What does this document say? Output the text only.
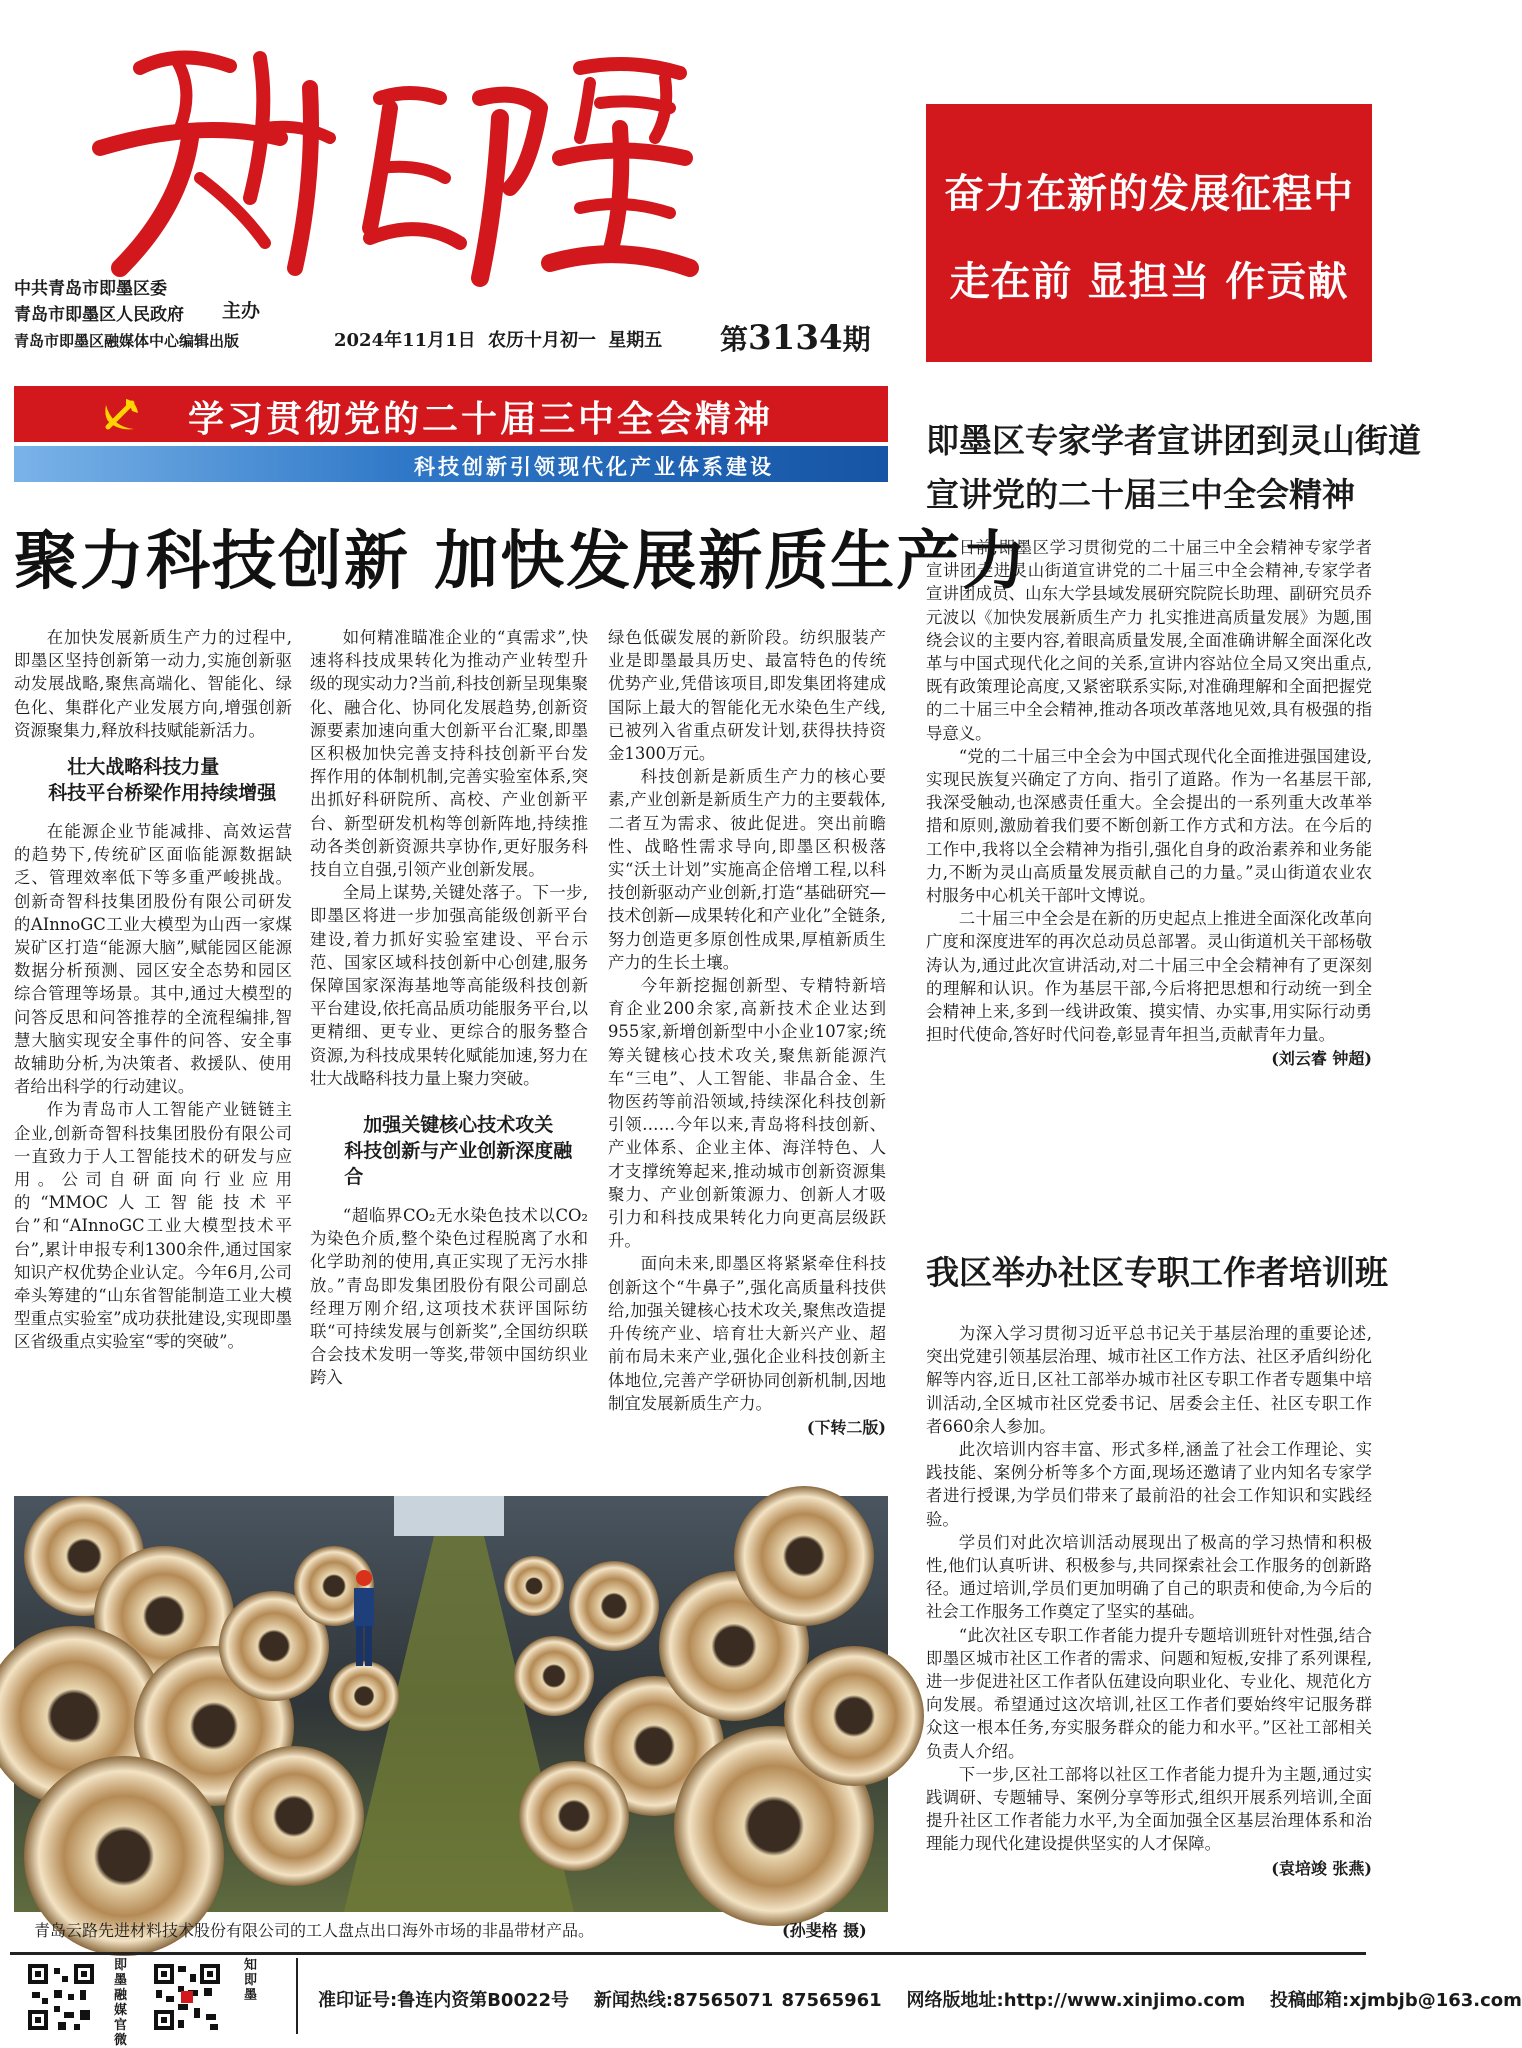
中共青岛市即墨区委
青岛市即墨区人民政府 主办
青岛市即墨区融媒体中心编辑出版	2024年11月1日 农历十月初一 星期五 第3134期
奋力在新的发展征程中
走在前 显担当 作贡献
学习贯彻党的二十届三中全会精神
科技创新引领现代化产业体系建设
聚力科技创新 加快发展新质生产力

在加快发展新质生产力的过程中,即墨区坚持创新第一动力,实施创新驱动发展战略,聚焦高端化、智能化、绿色化、集群化产业发展方向,增强创新资源聚集力,释放科技赋能新活力。

壮大战略科技力量
科技平台桥梁作用持续增强

在能源企业节能减排、高效运营的趋势下,传统矿区面临能源数据缺乏、管理效率低下等多重严峻挑战。创新奇智科技集团股份有限公司研发的AInnoGC工业大模型为山西一家煤炭矿区打造“能源大脑”,赋能园区能源数据分析预测、园区安全态势和园区综合管理等场景。其中,通过大模型的问答反思和问答推荐的全流程编排,智慧大脑实现安全事件的问答、安全事故辅助分析,为决策者、救援队、使用者给出科学的行动建议。

作为青岛市人工智能产业链链主企业,创新奇智科技集团股份有限公司一直致力于人工智能技术的研发与应用。公司自研面向行业应用的“MMOC人工智能技术平台”和“AInnoGC工业大模型技术平台”,累计申报专利1300余件,通过国家知识产权优势企业认定。今年6月,公司牵头筹建的“山东省智能制造工业大模型重点实验室”成功获批建设,实现即墨区省级重点实验室“零的突破”。

如何精准瞄准企业的“真需求”,快速将科技成果转化为推动产业转型升级的现实动力?当前,科技创新呈现集聚化、融合化、协同化发展趋势,创新资源要素加速向重大创新平台汇聚,即墨区积极加快完善支持科技创新平台发挥作用的体制机制,完善实验室体系,突出抓好科研院所、高校、产业创新平台、新型研发机构等创新阵地,持续推动各类创新资源共享协作,更好服务科技自立自强,引领产业创新发展。

全局上谋势,关键处落子。下一步,即墨区将进一步加强高能级创新平台建设,着力抓好实验室建设、平台示范、国家区域科技创新中心创建,服务保障国家深海基地等高能级科技创新平台建设,依托高品质功能服务平台,以更精细、更专业、更综合的服务整合资源,为科技成果转化赋能加速,努力在壮大战略科技力量上聚力突破。

加强关键核心技术攻关
科技创新与产业创新深度融合

“超临界CO₂无水染色技术以CO₂为染色介质,整个染色过程脱离了水和化学助剂的使用,真正实现了无污水排放。”青岛即发集团股份有限公司副总经理万刚介绍,这项技术获评国际纺联“可持续发展与创新奖”,全国纺织联合会技术发明一等奖,带领中国纺织业跨入

绿色低碳发展的新阶段。纺织服装产业是即墨最具历史、最富特色的传统优势产业,凭借该项目,即发集团将建成国际上最大的智能化无水染色生产线,已被列入省重点研发计划,获得扶持资金1300万元。

科技创新是新质生产力的核心要素,产业创新是新质生产力的主要载体,二者互为需求、彼此促进。突出前瞻性、战略性需求导向,即墨区积极落实“沃土计划”实施高企倍增工程,以科技创新驱动产业创新,打造“基础研究—技术创新—成果转化和产业化”全链条,努力创造更多原创性成果,厚植新质生产力的生长土壤。

今年新挖掘创新型、专精特新培育企业200余家,高新技术企业达到955家,新增创新型中小企业107家;统筹关键核心技术攻关,聚焦新能源汽车“三电”、人工智能、非晶合金、生物医药等前沿领域,持续深化科技创新引领……今年以来,青岛将科技创新、产业体系、企业主体、海洋特色、人才支撑统筹起来,推动城市创新资源集聚力、产业创新策源力、创新人才吸引力和科技成果转化力向更高层级跃升。

面向未来,即墨区将紧紧牵住科技创新这个“牛鼻子”,强化高质量科技供给,加强关键核心技术攻关,聚焦改造提升传统产业、培育壮大新兴产业、超前布局未来产业,强化企业科技创新主体地位,完善产学研协同创新机制,因地制宜发展新质生产力。

(下转二版)
青岛云路先进材料技术股份有限公司的工人盘点出口海外市场的非晶带材产品。	(孙斐格 摄)
即墨区专家学者宣讲团到灵山街道
宣讲党的二十届三中全会精神

日前,即墨区学习贯彻党的二十届三中全会精神专家学者宣讲团走进灵山街道宣讲党的二十届三中全会精神,专家学者宣讲团成员、山东大学县域发展研究院院长助理、副研究员乔元波以《加快发展新质生产力 扎实推进高质量发展》为题,围绕会议的主要内容,着眼高质量发展,全面准确讲解全面深化改革与中国式现代化之间的关系,宣讲内容站位全局又突出重点,既有政策理论高度,又紧密联系实际,对准确理解和全面把握党的二十届三中全会精神,推动各项改革落地见效,具有极强的指导意义。

“党的二十届三中全会为中国式现代化全面推进强国建设,实现民族复兴确定了方向、指引了道路。作为一名基层干部,我深受触动,也深感责任重大。全会提出的一系列重大改革举措和原则,激励着我们要不断创新工作方式和方法。在今后的工作中,我将以全会精神为指引,强化自身的政治素养和业务能力,不断为灵山高质量发展贡献自己的力量。”灵山街道农业农村服务中心机关干部叶文博说。

二十届三中全会是在新的历史起点上推进全面深化改革向广度和深度进军的再次总动员总部署。灵山街道机关干部杨敬涛认为,通过此次宣讲活动,对二十届三中全会精神有了更深刻的理解和认识。作为基层干部,今后将把思想和行动统一到全会精神上来,多到一线讲政策、摸实情、办实事,用实际行动勇担时代使命,答好时代问卷,彰显青年担当,贡献青年力量。

(刘云睿 钟超)
我区举办社区专职工作者培训班

为深入学习贯彻习近平总书记关于基层治理的重要论述,突出党建引领基层治理、城市社区工作方法、社区矛盾纠纷化解等内容,近日,区社工部举办城市社区专职工作者专题集中培训活动,全区城市社区党委书记、居委会主任、社区专职工作者660余人参加。

此次培训内容丰富、形式多样,涵盖了社会工作理论、实践技能、案例分析等多个方面,现场还邀请了业内知名专家学者进行授课,为学员们带来了最前沿的社会工作知识和实践经验。

学员们对此次培训活动展现出了极高的学习热情和积极性,他们认真听讲、积极参与,共同探索社会工作服务的创新路径。通过培训,学员们更加明确了自己的职责和使命,为今后的社会工作服务工作奠定了坚实的基础。

“此次社区专职工作者能力提升专题培训班针对性强,结合即墨区城市社区工作者的需求、问题和短板,安排了系列课程,进一步促进社区工作者队伍建设向职业化、专业化、规范化方向发展。希望通过这次培训,社区工作者们要始终牢记服务群众这一根本任务,夯实服务群众的能力和水平。”区社工部相关负责人介绍。

下一步,区社工部将以社区工作者能力提升为主题,通过实践调研、专题辅导、案例分享等形式,组织开展系列培训,全面提升社区工作者能力水平,为全面加强全区基层治理体系和治理能力现代化建设提供坚实的人才保障。

(袁培竣 张燕)
即墨融媒官微
知即墨	准印证号:鲁连内资第B0022号 新闻热线:87565071 87565961 网络版地址:http://www.xinjimo.com 投稿邮箱:xjmbjb@163.com
